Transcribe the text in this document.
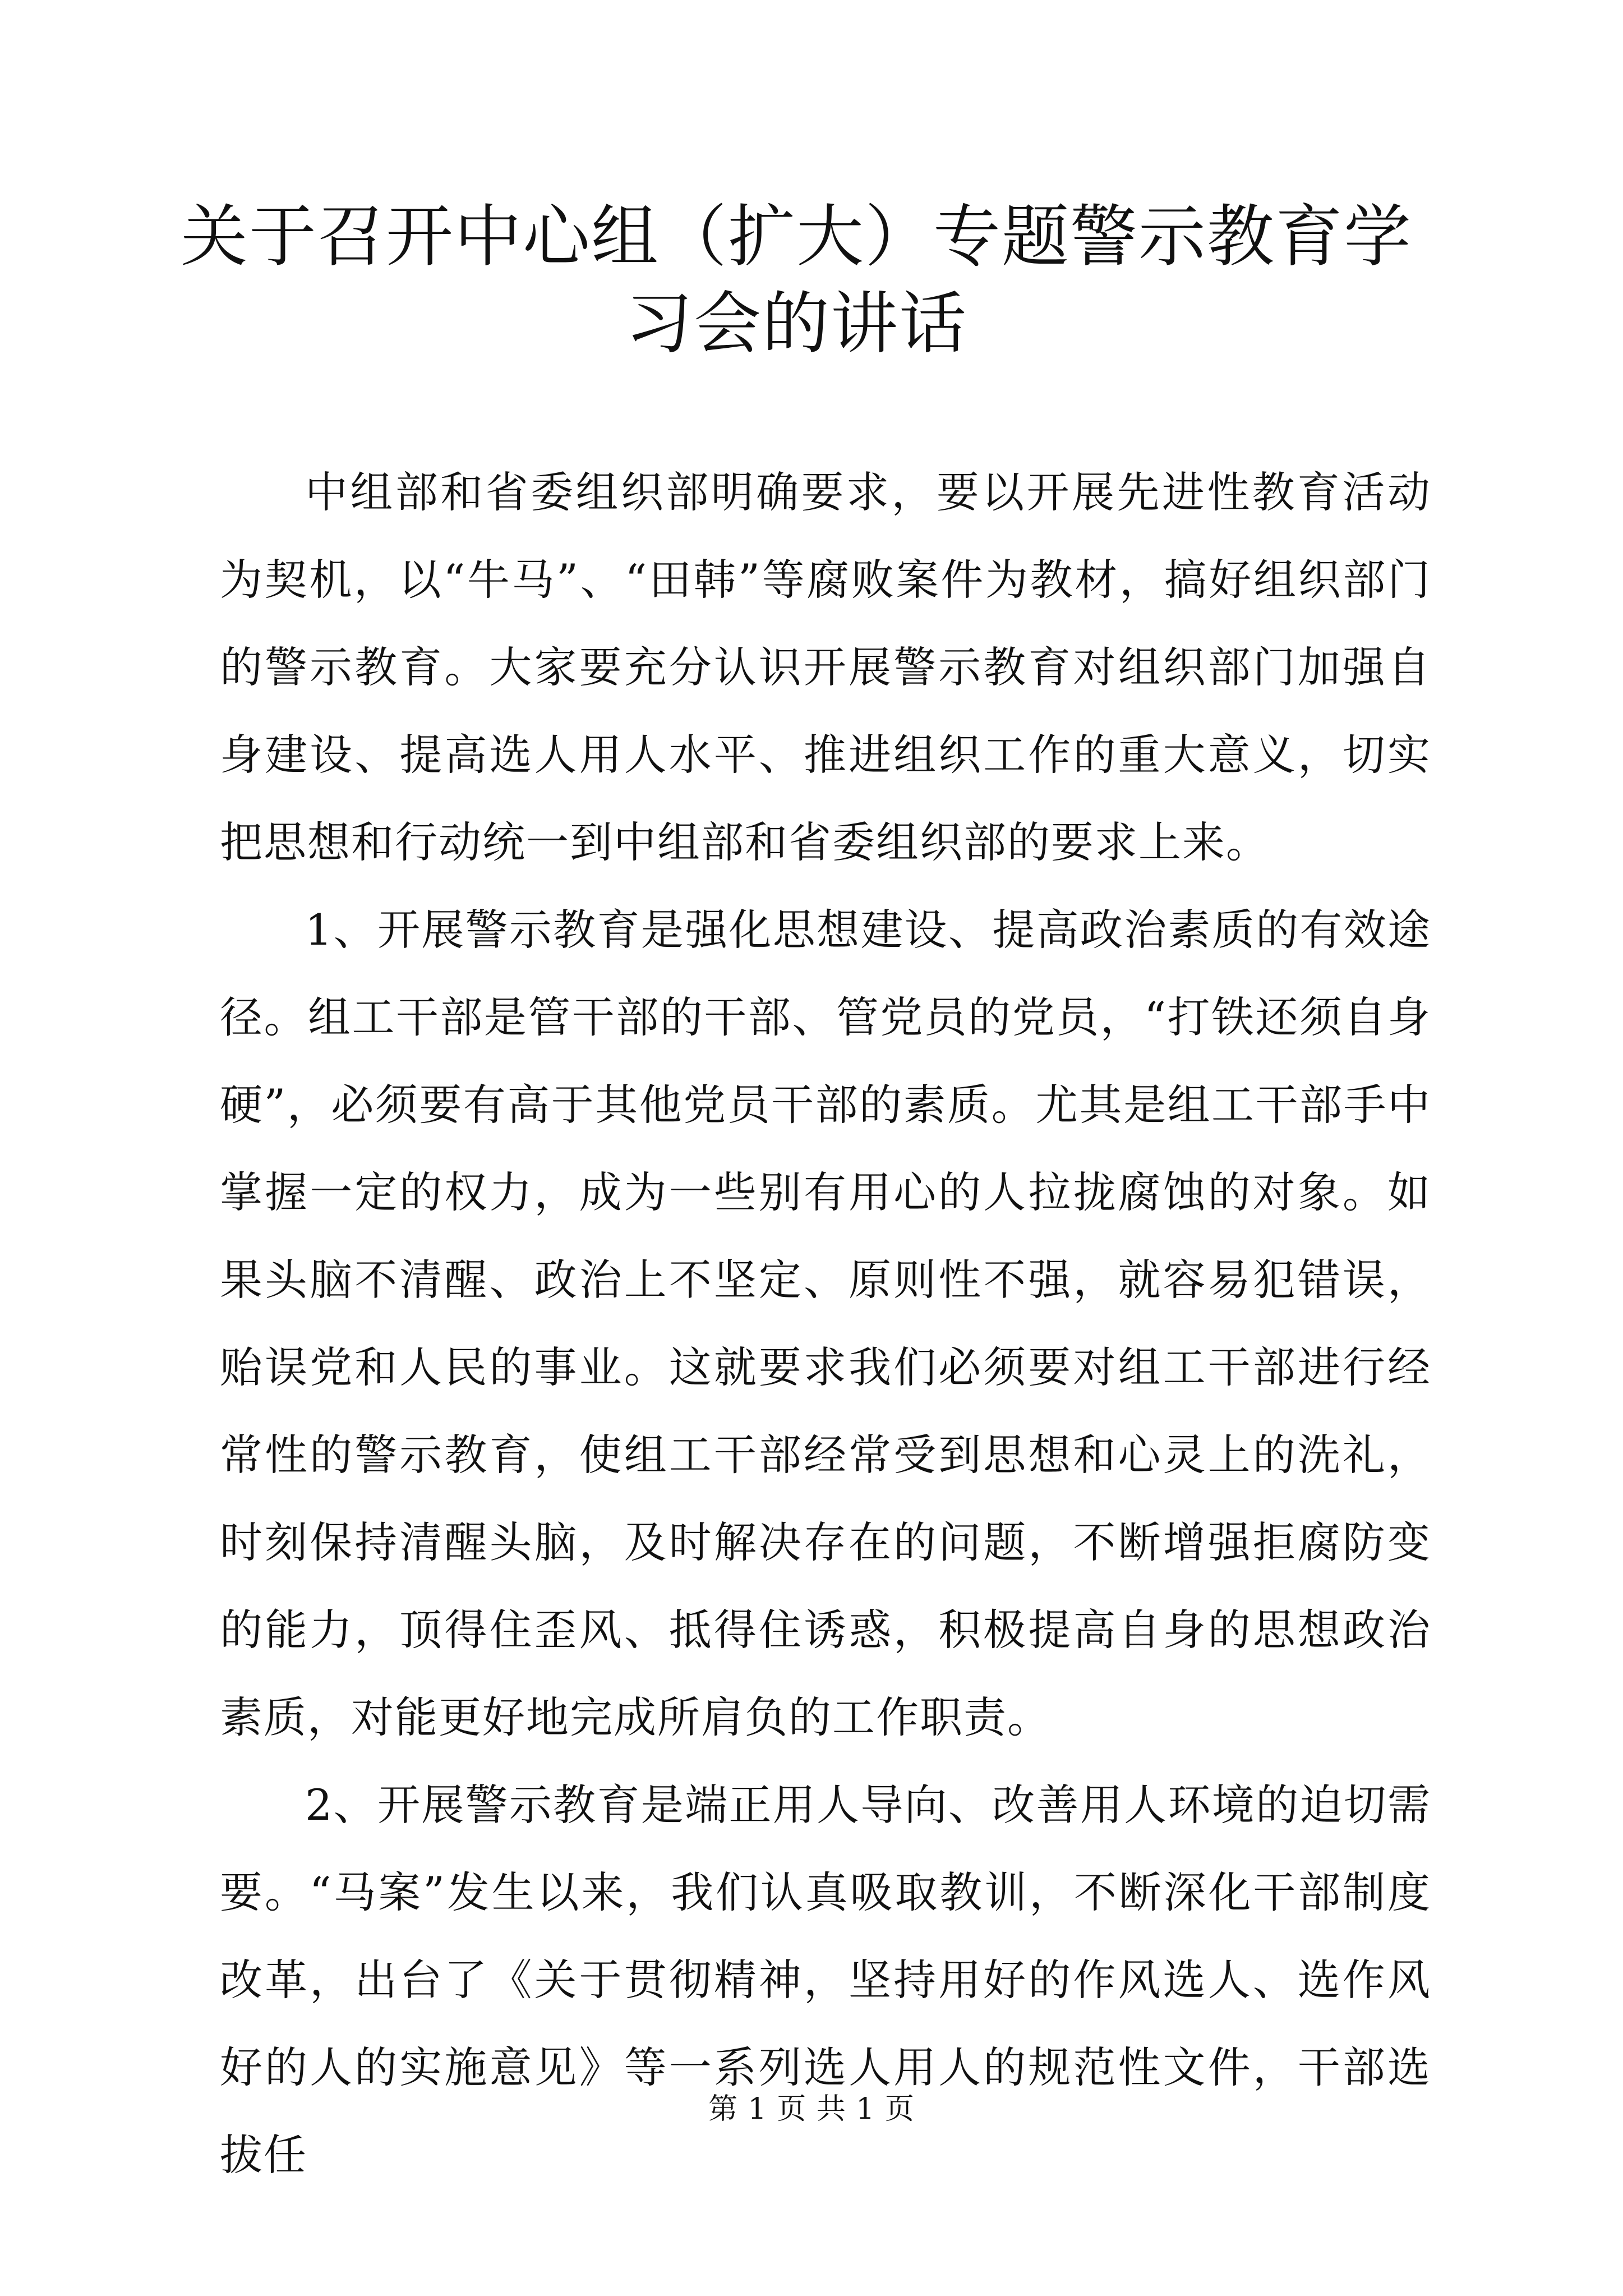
关于召开中心组（扩大）专题警示教育学习会的讲话

中组部和省委组织部明确要求，要以开展先进性教育活动为契机，以“牛马”、“田韩”等腐败案件为教材，搞好组织部门的警示教育。大家要充分认识开展警示教育对组织部门加强自身建设、提高选人用人水平、推进组织工作的重大意义，切实把思想和行动统一到中组部和省委组织部的要求上来。

1、开展警示教育是强化思想建设、提高政治素质的有效途径。组工干部是管干部的干部、管党员的党员，“打铁还须自身硬”，必须要有高于其他党员干部的素质。尤其是组工干部手中掌握一定的权力，成为一些别有用心的人拉拢腐蚀的对象。如果头脑不清醒、政治上不坚定、原则性不强，就容易犯错误，贻误党和人民的事业。这就要求我们必须要对组工干部进行经常性的警示教育，使组工干部经常受到思想和心灵上的洗礼，时刻保持清醒头脑，及时解决存在的问题，不断增强拒腐防变的能力，顶得住歪风、抵得住诱惑，积极提高自身的思想政治素质，对能更好地完成所肩负的工作职责。

2、开展警示教育是端正用人导向、改善用人环境的迫切需要。“马案”发生以来，我们认真吸取教训，不断深化干部制度改革，出台了《关于贯彻精神，坚持用好的作风选人、选作风好的人的实施意见》等一系列选人用人的规范性文件，干部选拔任

第 1 页 共 1 页
